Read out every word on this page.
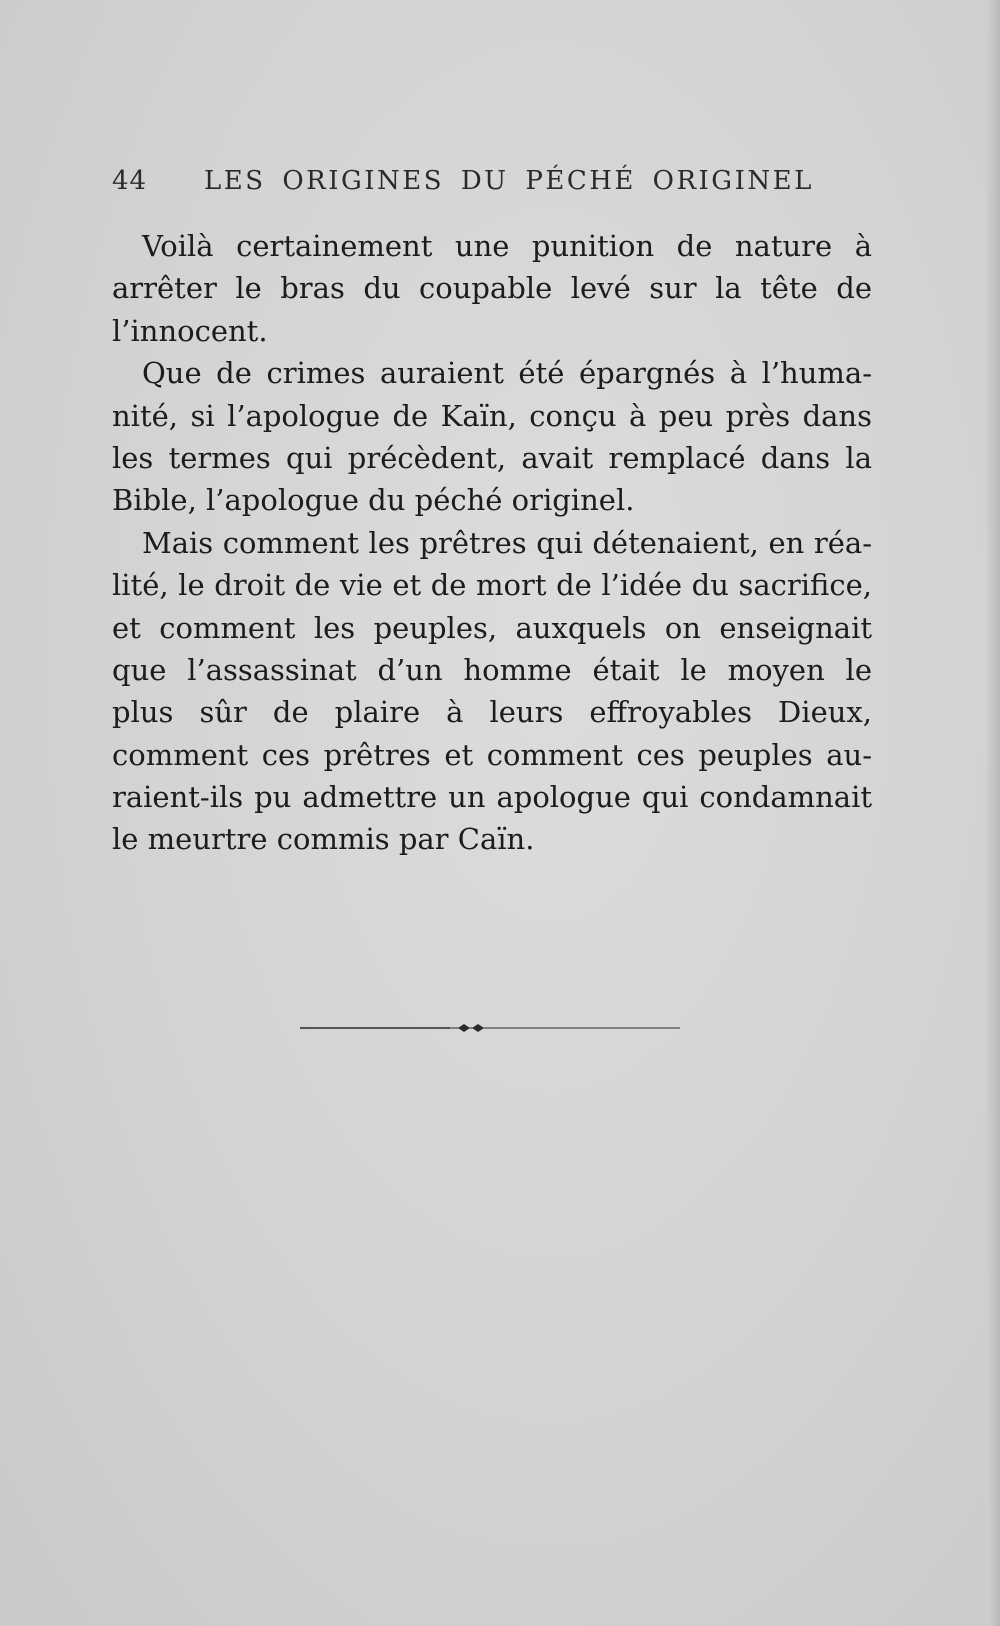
44 LES ORIGINES DU PÉCHÉ ORIGINEL
Voilà certainement une punition de nature à
arrêter le bras du coupable levé sur la tête de
l’innocent.
Que de crimes auraient été épargnés à l’huma-
nité, si l’apologue de Kaïn, conçu à peu près dans
les termes qui précèdent, avait remplacé dans la
Bible, l’apologue du péché originel.
Mais comment les prêtres qui détenaient, en réa-
lité, le droit de vie et de mort de l’idée du sacrifice,
et comment les peuples, auxquels on enseignait
que l’assassinat d’un homme était le moyen le
plus sûr de plaire à leurs effroyables Dieux,
comment ces prêtres et comment ces peuples au-
raient-ils pu admettre un apologue qui condamnait
le meurtre commis par Caïn.
